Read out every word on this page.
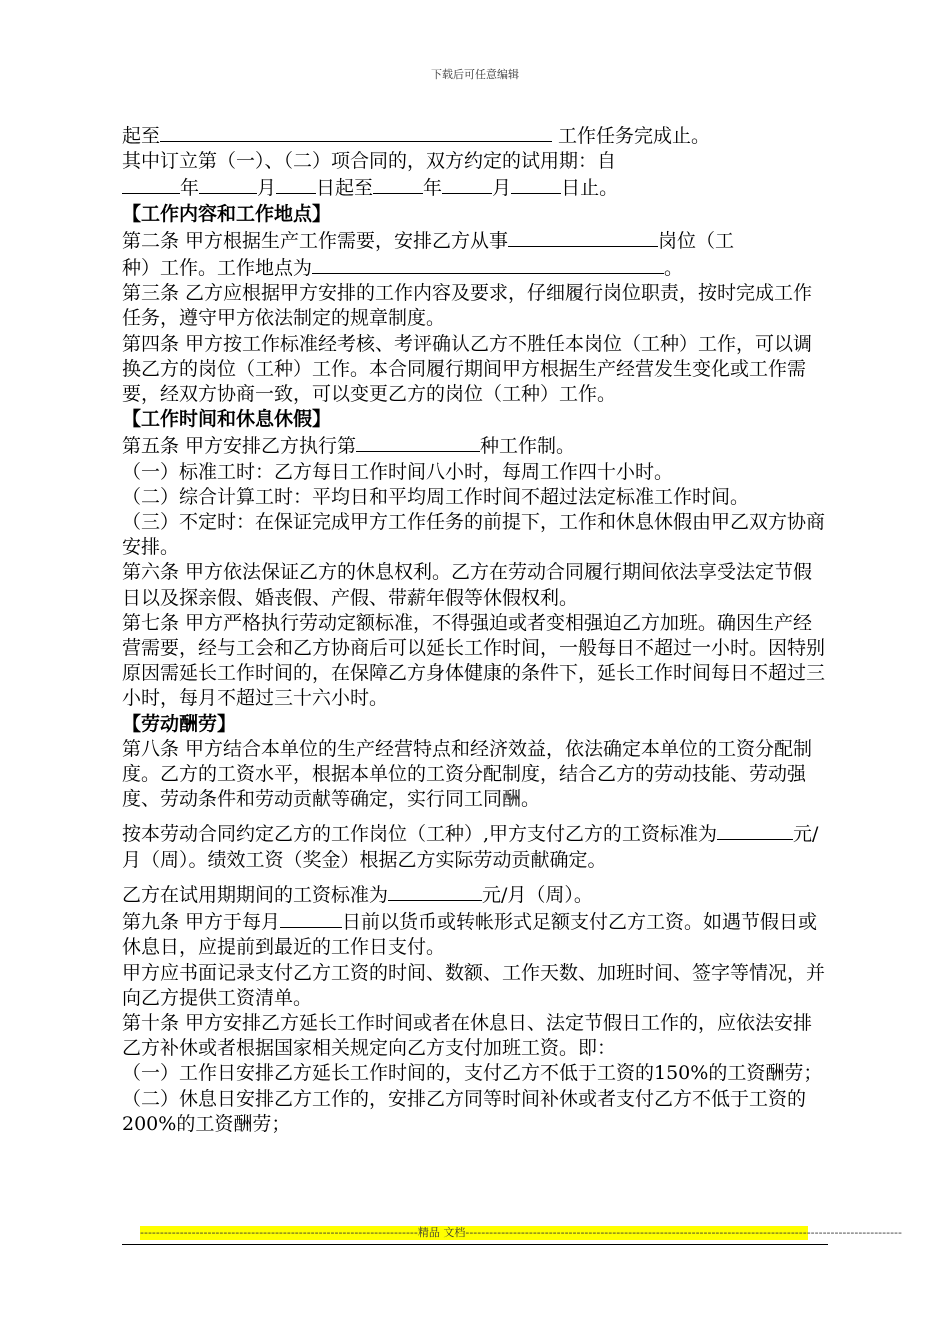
下载后可任意编辑

起至	工作任务完成止。

其中订立第（一）、（二）项合同的，双方约定的试用期：自

年	月 日起至	年	月	日止。

【工作内容和工作地点】

第二条 甲方根据生产工作需要，安排乙方从事	岗位（工
种）工作。工作地点为	。

第三条 乙方应根据甲方安排的工作内容及要求，仔细履行岗位职责，按时完成工作任务，遵守甲方依法制定的规章制度。

第四条 甲方按工作标准经考核、考评确认乙方不胜任本岗位（工种）工作，可以调换乙方的岗位（工种）工作。本合同履行期间甲方根据生产经营发生变化或工作需要，经双方协商一致，可以变更乙方的岗位（工种）工作。

【工作时间和休息休假】

第五条 甲方安排乙方执行第	种工作制。

（一）标准工时：乙方每日工作时间八小时，每周工作四十小时。

（二）综合计算工时：平均日和平均周工作时间不超过法定标准工作时间。

（三）不定时：在保证完成甲方工作任务的前提下，工作和休息休假由甲乙双方协商安排。

第六条 甲方依法保证乙方的休息权利。乙方在劳动合同履行期间依法享受法定节假日以及探亲假、婚丧假、产假、带薪年假等休假权利。

第七条 甲方严格执行劳动定额标准，不得强迫或者变相强迫乙方加班。确因生产经营需要，经与工会和乙方协商后可以延长工作时间，一般每日不超过一小时。因特别原因需延长工作时间的，在保障乙方身体健康的条件下，延长工作时间每日不超过三小时，每月不超过三十六小时。

【劳动酬劳】

第八条 甲方结合本单位的生产经营特点和经济效益，依法确定本单位的工资分配制度。乙方的工资水平，根据本单位的工资分配制度，结合乙方的劳动技能、劳动强度、劳动条件和劳动贡献等确定，实行同工同酬。

按本劳动合同约定乙方的工作岗位（工种）,甲方支付乙方的工资标准为	元/月（周）。绩效工资（奖金）根据乙方实际劳动贡献确定。

乙方在试用期期间的工资标准为	元/月（周）。

第九条 甲方于每月	日前以货币或转帐形式足额支付乙方工资。如遇节假日或休息日，应提前到最近的工作日支付。

甲方应书面记录支付乙方工资的时间、数额、工作天数、加班时间、签字等情况，并向乙方提供工资清单。

第十条 甲方安排乙方延长工作时间或者在休息日、法定节假日工作的，应依法安排乙方补休或者根据国家相关规定向乙方支付加班工资。即：

（一）工作日安排乙方延长工作时间的，支付乙方不低于工资的150%的工资酬劳；

（二）休息日安排乙方工作的，安排乙方同等时间补休或者支付乙方不低于工资的200%的工资酬劳；

----------------------------------------------------------------------精品 文档--------------------------------------------------------------------------------------------------------------
